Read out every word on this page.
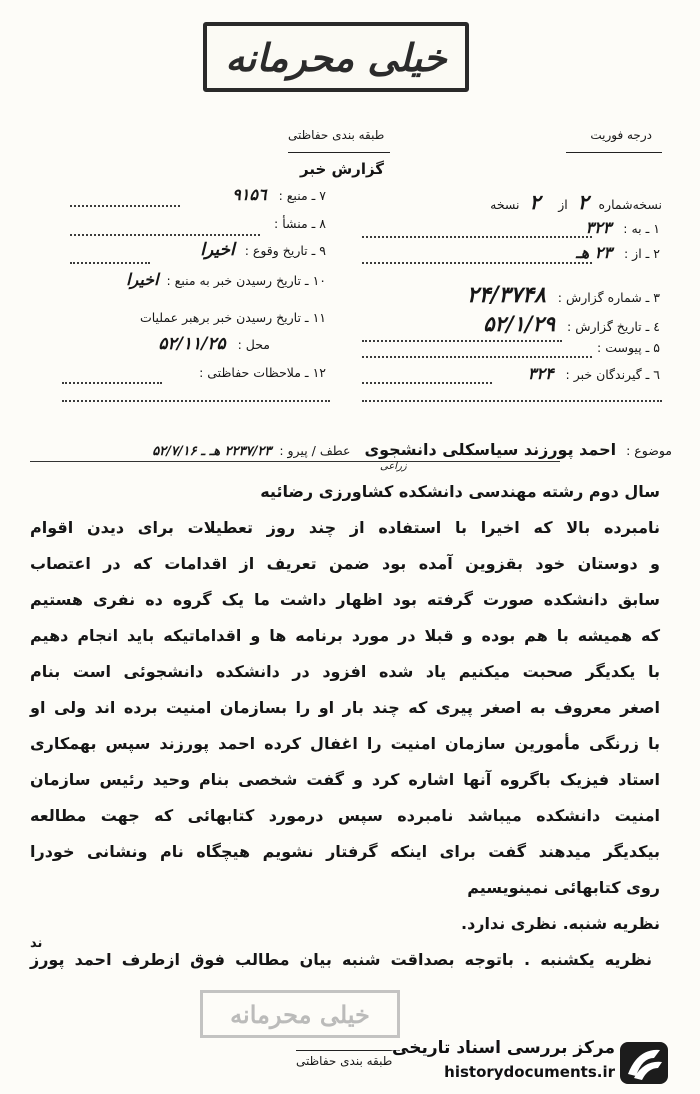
خیلی محرمانه
درجه فوریت
طبقه بندی حفاظتی
گزارش خبر
نسخه‌شماره ۲ از ۲ نسخه
۱ ـ به : ۳۲۳
۲ ـ از : ۲۳ هـ
۳ ـ شماره گزارش : ۲۴/۳۷۴۸
٤ ـ تاریخ گزارش : ۵۲/۱/۲۹
۵ ـ پیوست :
٦ ـ گیرندگان خبر : ۳۲۴
۷ ـ منبع : ۹۱۵٦
۸ ـ منشأ :
۹ ـ تاریخ وقوع : اخیرا
۱۰ ـ تاریخ رسیدن خبر به منبع : اخیرا
۱۱ ـ تاریخ رسیدن خبر برهبر عملیات
محل : ۵۲/۱۱/۲۵
۱۲ ـ ملاحظات حفاظتی :
موضوع : احمد پورزند سیاسکلی دانشجوی عطف / پیرو : ۲۲۳۷/۲۳ هـ ـ ۵۲/۷/۱۶
زراعی
سال دوم رشته مهندسی دانشکده کشاورزی رضائیه
نامبرده بالا که اخیرا با استفاده از چند روز تعطیلات برای دیدن اقوام
و دوستان خود بقزوین آمده بود ضمن تعریف از اقدامات که در اعتصاب
سابق دانشکده صورت گرفته بود اظهار داشت ما یک گروه ده نفری هستیم
که همیشه با هم بوده و قبلا در مورد برنامه ها و اقداماتیکه باید انجام دهیم
با یکدیگر صحبت میکنیم یاد شده افزود در دانشکده دانشجوئی است بنام
اصغر معروف به اصغر پیری که چند بار او را بسازمان امنیت برده اند ولی او
با زرنگی مأمورین سازمان امنیت را اغفال کرده احمد پورزند سپس بهمکاری
استاد فیزیک باگروه آنها اشاره کرد و گفت شخصی بنام وحید رئیس سازمان
امنیت دانشکده میباشد نامبرده سپس درمورد کتابهائی که جهت مطالعه
بیکدیگر میدهند گفت برای اینکه گرفتار نشویم هیچگاه نام ونشانی خودرا
روی کتابهائی نمینویسیم
نظریه شنبه. نظری ندارد.
نظریه یکشنبه . باتوجه بصداقت شنبه بیان مطالب فوق ازطرف احمد پورز
ند
خیلی محرمانه
طبقه بندی حفاظتی
مرکز بررسی اسناد تاریخی
historydocuments.ir
